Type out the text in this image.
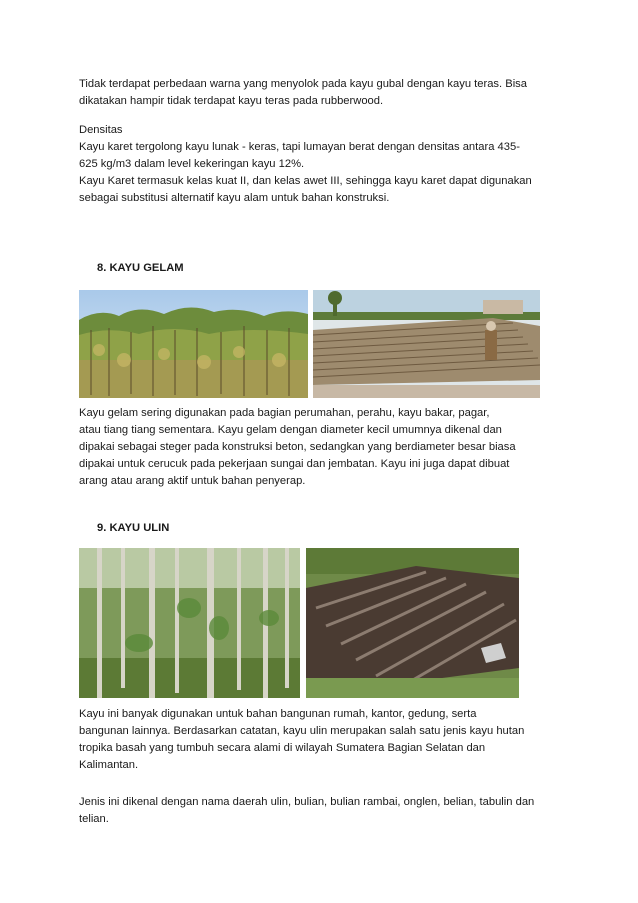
Tidak terdapat perbedaan warna yang menyolok pada kayu gubal dengan kayu teras. Bisa
dikatakan hampir tidak terdapat kayu teras pada rubberwood.

Densitas
Kayu karet tergolong kayu lunak - keras, tapi lumayan berat dengan densitas antara 435-
625 kg/m3 dalam level kekeringan kayu 12%.
Kayu Karet termasuk kelas kuat II, dan kelas awet III, sehingga kayu karet dapat digunakan
sebagai substitusi alternatif kayu alam untuk bahan konstruksi.

8. KAYU GELAM

Kayu gelam sering digunakan pada bagian perumahan, perahu, kayu bakar, pagar,
atau tiang tiang sementara. Kayu gelam dengan diameter kecil umumnya dikenal dan
dipakai sebagai steger pada konstruksi beton, sedangkan yang berdiameter besar biasa
dipakai untuk cerucuk pada pekerjaan sungai dan jembatan. Kayu ini juga dapat dibuat
arang atau arang aktif untuk bahan penyerap.

9. KAYU ULIN

Kayu ini banyak digunakan untuk bahan bangunan rumah, kantor, gedung, serta
bangunan lainnya. Berdasarkan catatan, kayu ulin merupakan salah satu jenis kayu hutan
tropika basah yang tumbuh secara alami di wilayah Sumatera Bagian Selatan dan
Kalimantan.

Jenis ini dikenal dengan nama daerah ulin, bulian, bulian rambai, onglen, belian, tabulin dan
telian.
